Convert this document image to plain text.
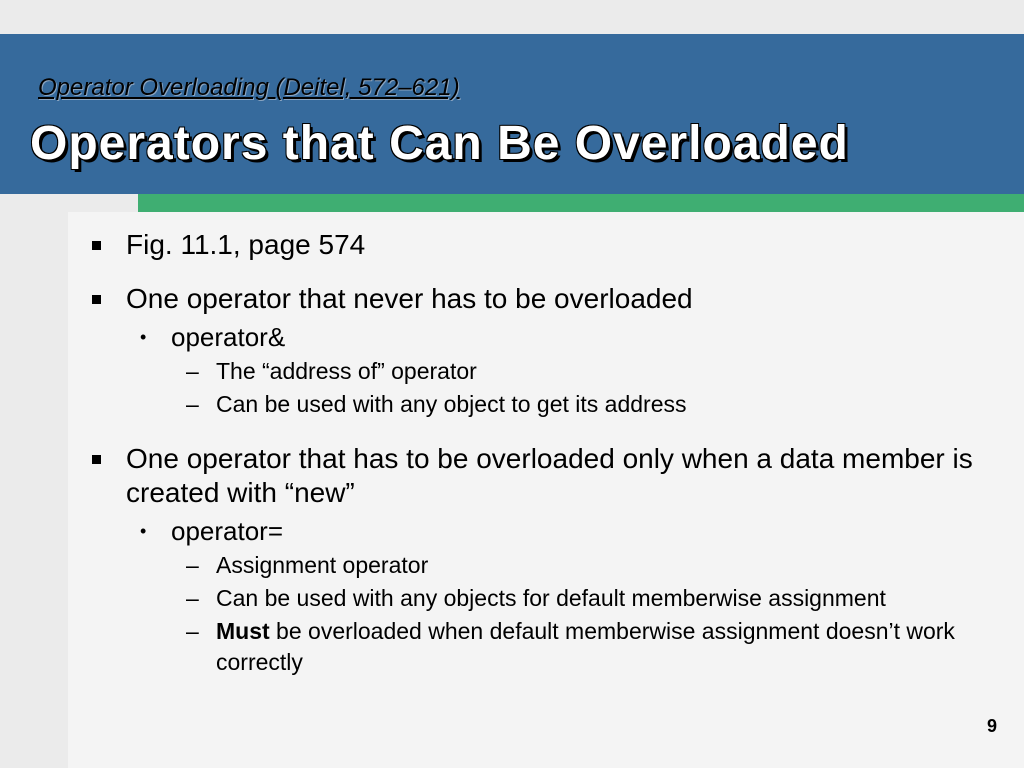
Operator Overloading (Deitel, 572–621)
Operators that Can Be Overloaded
Fig. 11.1, page 574
One operator that never has to be overloaded
• operator&
– The “address of” operator
– Can be used with any object to get its address
One operator that has to be overloaded only when a data member is created with “new”
• operator=
– Assignment operator
– Can be used with any objects for default memberwise assignment
– Must be overloaded when default memberwise assignment doesn’t work correctly
9
